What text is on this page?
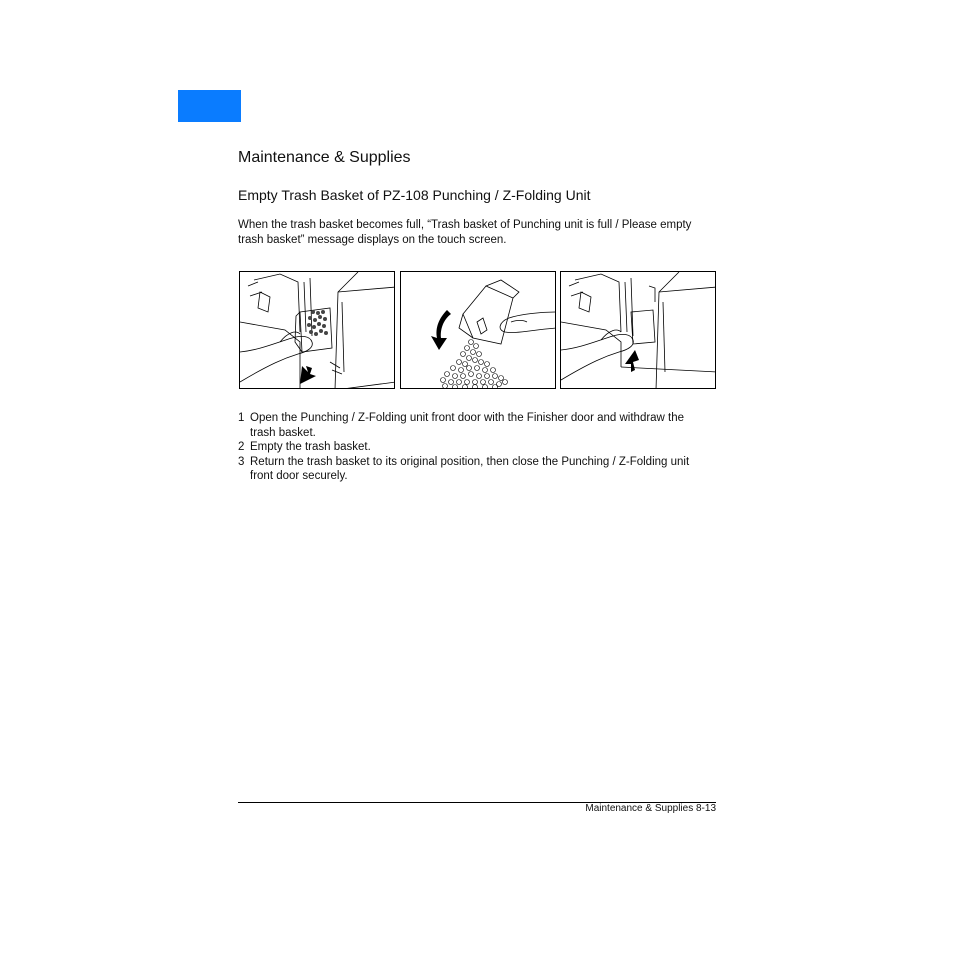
Maintenance & Supplies
Empty Trash Basket of PZ-108 Punching / Z-Folding Unit
When the trash basket becomes full, “Trash basket of Punching unit is full / Please empty
trash basket” message displays on the touch screen.
1 Open the Punching / Z-Folding unit front door with the Finisher door and withdraw the
trash basket.
2 Empty the trash basket.
3 Return the trash basket to its original position, then close the Punching / Z-Folding unit
front door securely.
Maintenance & Supplies 8-13
